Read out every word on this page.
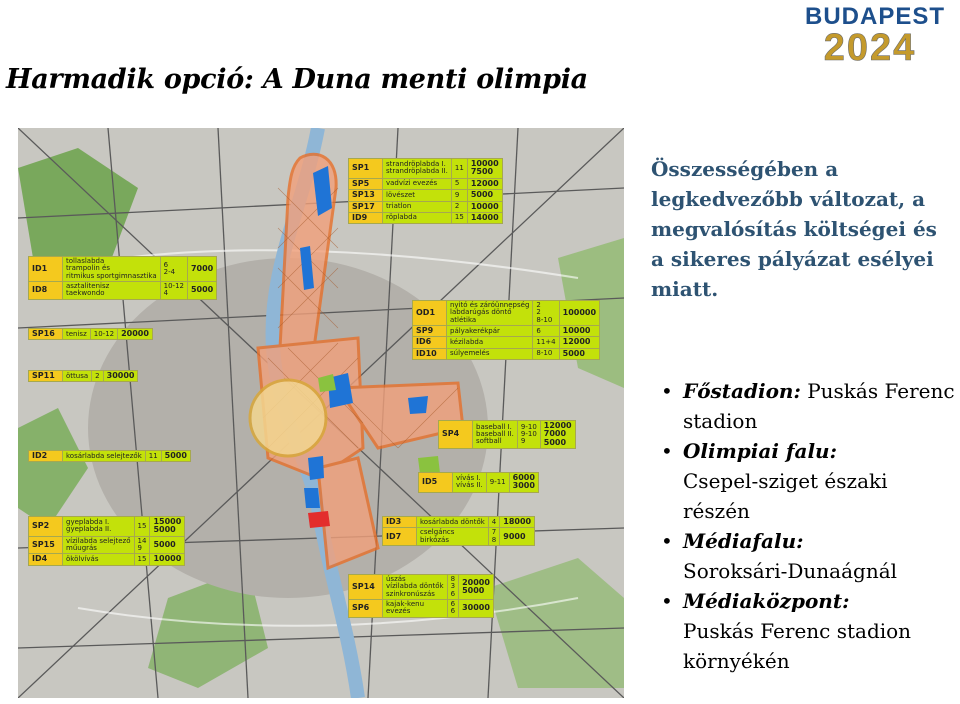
Harmadik opció: A Duna menti olimpia
BUDAPEST
2024
SP1	strandröplabda I.
strandröplabda II.	11	10000
7500
SP5	vadvízi evezés	5	12000
SP13	lövészet	9	5000
SP17	triatlon	2	10000
ID9	röplabda	15	14000
ID1	tollaslabda
trampolin és
ritmikus sportgimnasztika	6
2-4	7000
ID8	asztalitenisz
taekwondo	10-12
4	5000
OD1	nyitó és záróünnepség
labdarúgás döntő
atlétika	2
2
8-10	100000
SP9	pályakerékpár	6	10000
ID6	kézilabda	11+4	12000
ID10	súlyemelés	8-10	5000
SP16	tenisz	10-12	20000
SP11	öttusa	2	30000
SP4	baseball I.
baseball II.
softball	9-10
9-10
9	12000
7000
5000
ID2	kosárlabda selejtezők	11	5000
ID5	vívás I.
vívás II.	9-11	6000
3000
SP2	gyeplabda I.
gyeplabda II.	15	15000
5000
SP15	vízilabda selejtező
műugrás	14
9	5000
ID4	ökölvívás	15	10000
ID3	kosárlabda döntők	4	18000
ID7	cselgáncs
birkózás	7
8	9000
SP14	úszás
vízilabda döntők
szinkronúszás	8
3
6	20000
5000
SP6	kajak-kenu
evezés	6
6	30000
Összességében a legkedvezőbb változat, a megvalósítás költségei és a sikeres pályázat esélyei miatt.
• Főstadion: Puskás Ferenc stadion
• Olimpiai falu:
Csepel-sziget északi részén
• Médiafalu:
Soroksári-Dunaágnál
• Médiaközpont:
Puskás Ferenc stadion környékén
